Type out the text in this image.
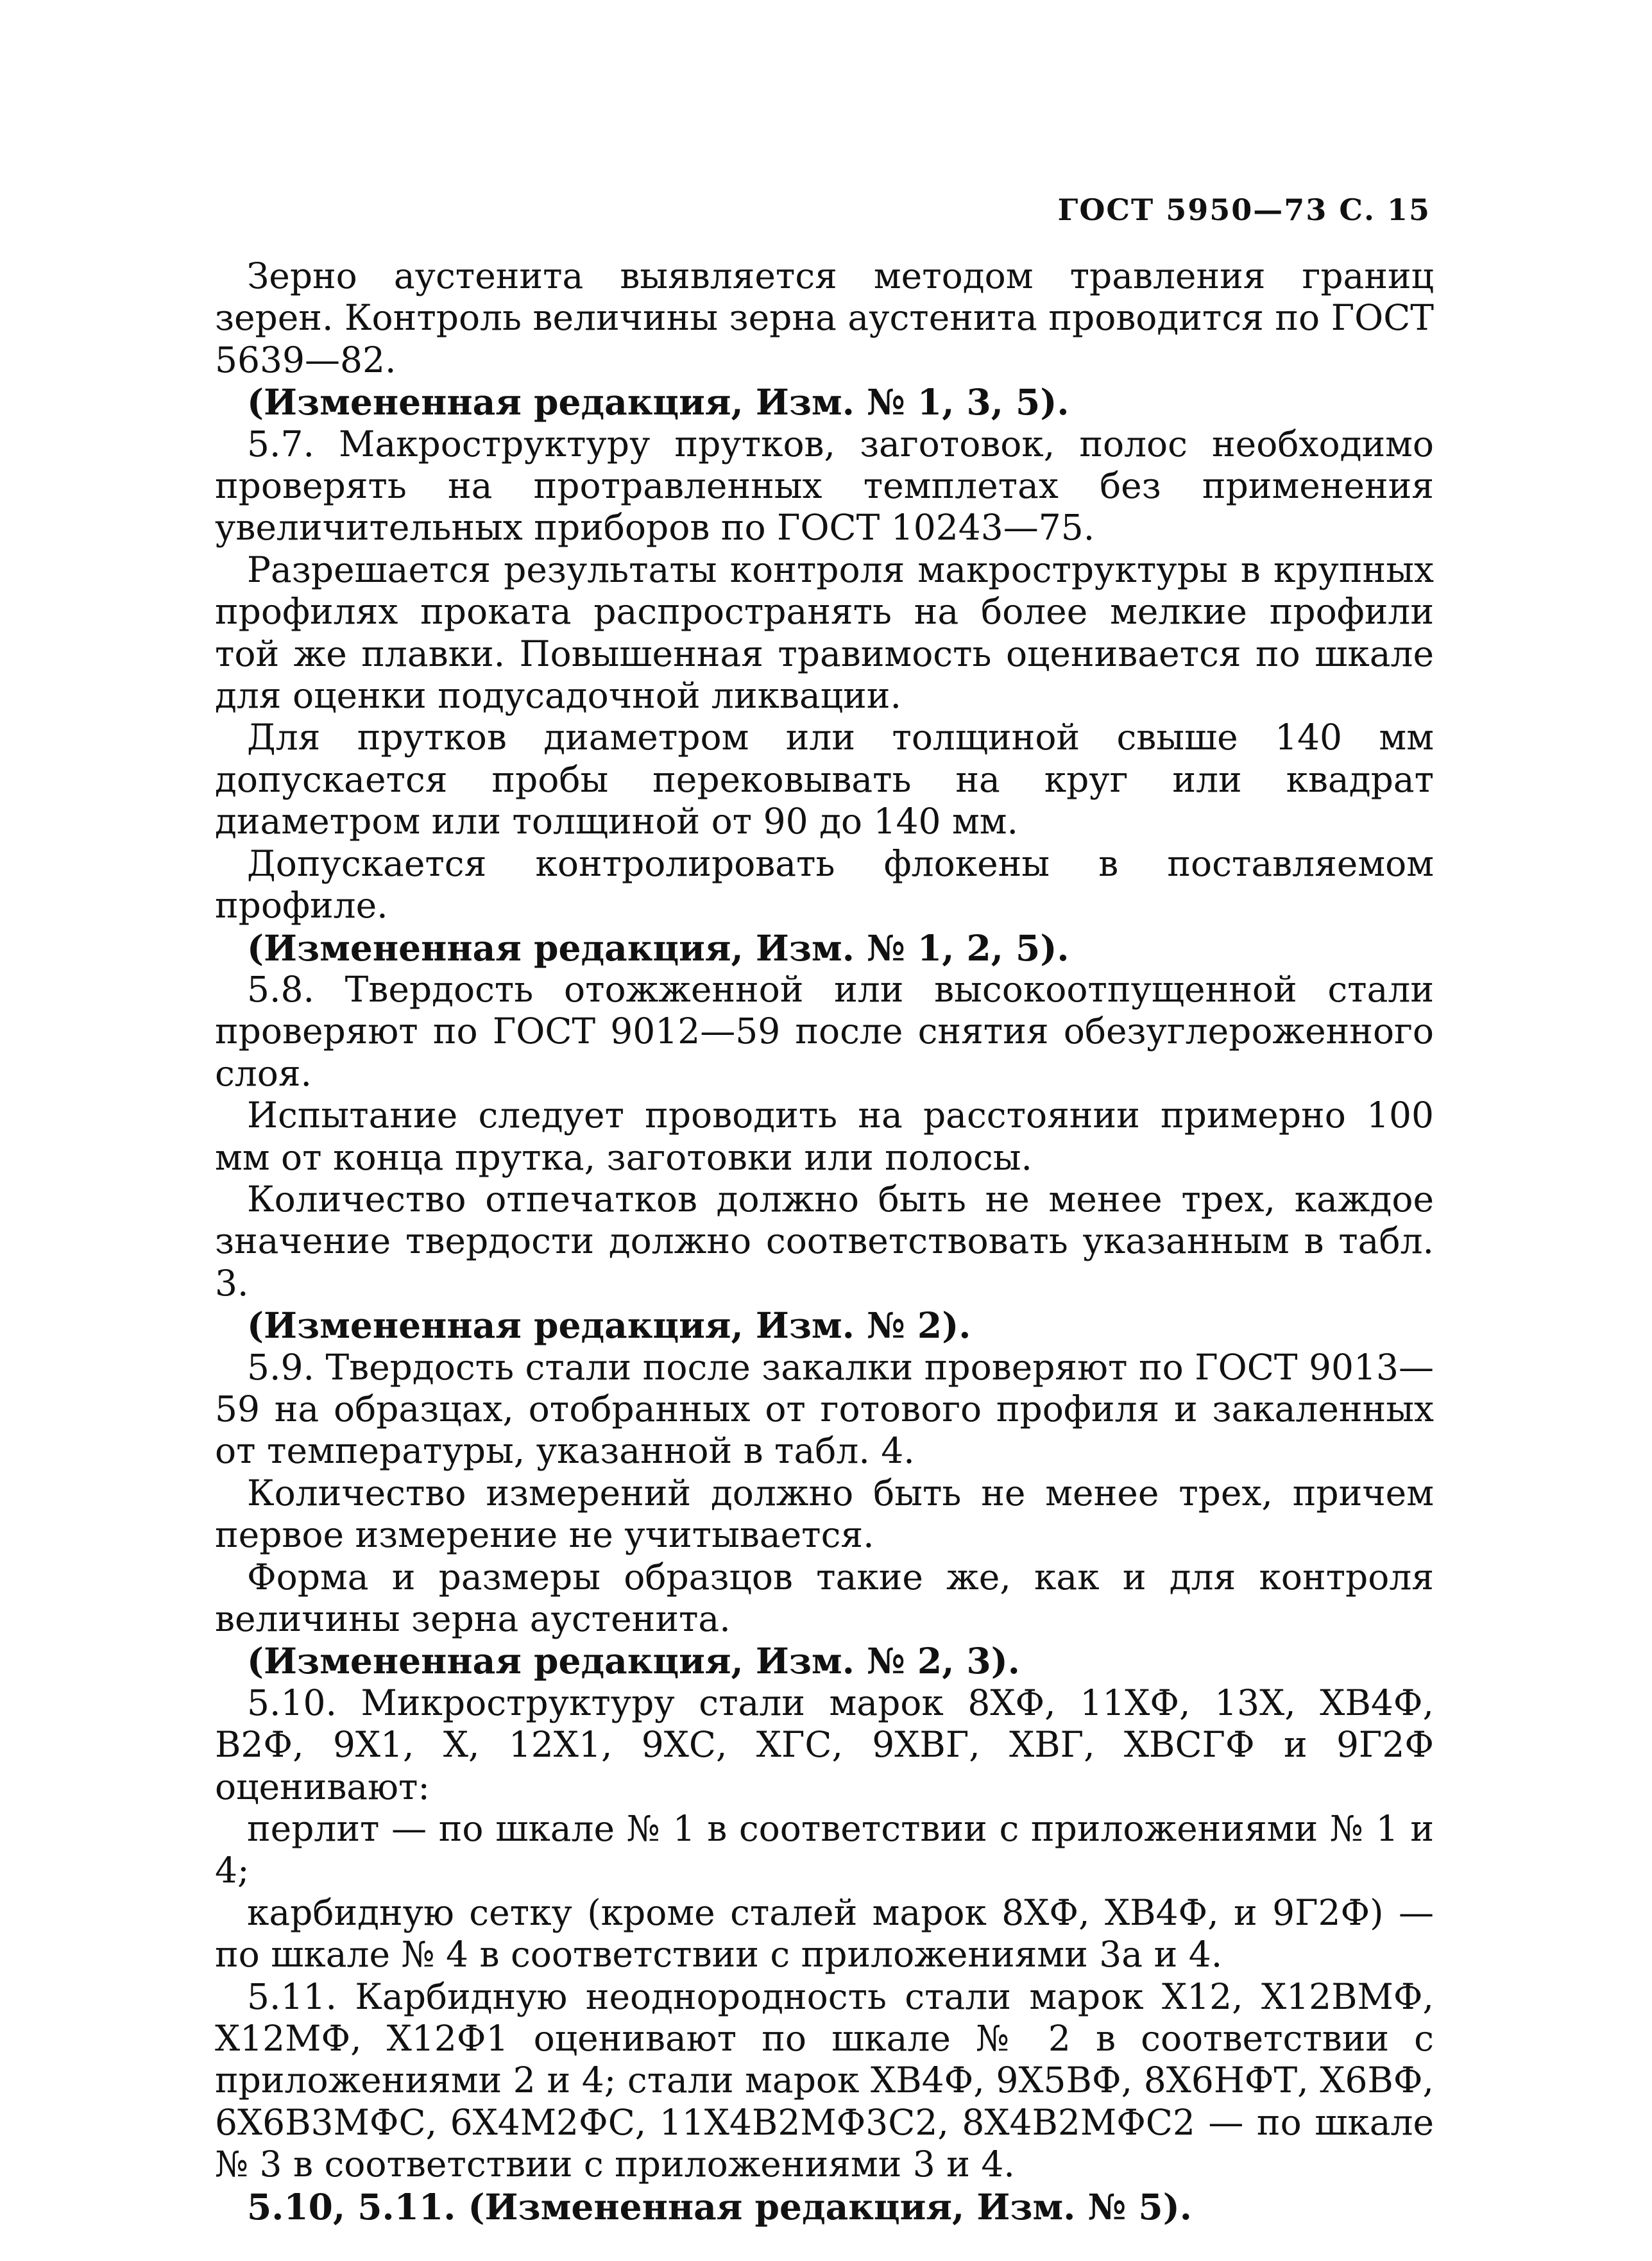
ГОСТ 5950—73 С. 15

Зерно аустенита выявляется методом травления границ зерен. Контроль величины зерна аустенита проводится по ГОСТ 5639—82.

(Измененная редакция, Изм. № 1, 3, 5).

5.7. Макроструктуру прутков, заготовок, полос необходимо проверять на протравленных темплетах без применения увеличительных приборов по ГОСТ 10243—75.

Разрешается результаты контроля макроструктуры в крупных профилях проката распространять на более мелкие профили той же плавки. Повышенная травимость оценивается по шкале для оценки подусадочной ликвации.

Для прутков диаметром или толщиной свыше 140 мм допускается пробы перековывать на круг или квадрат диаметром или толщиной от 90 до 140 мм.

Допускается контролировать флокены в поставляемом профиле.

(Измененная редакция, Изм. № 1, 2, 5).

5.8. Твердость отожженной или высокоотпущенной стали проверяют по ГОСТ 9012—59 после снятия обезуглероженного слоя.

Испытание следует проводить на расстоянии примерно 100 мм от конца прутка, заготовки или полосы.

Количество отпечатков должно быть не менее трех, каждое значение твердости должно соответствовать указанным в табл. 3.

(Измененная редакция, Изм. № 2).

5.9. Твердость стали после закалки проверяют по ГОСТ 9013—59 на образцах, отобранных от готового профиля и закаленных от температуры, указанной в табл. 4.

Количество измерений должно быть не менее трех, причем первое измерение не учитывается.

Форма и размеры образцов такие же, как и для контроля величины зерна аустенита.

(Измененная редакция, Изм. № 2, 3).

5.10. Микроструктуру стали марок 8ХФ, 11ХФ, 13Х, ХВ4Ф, В2Ф, 9Х1, Х, 12Х1, 9ХС, ХГС, 9ХВГ, ХВГ, ХВСГФ и 9Г2Ф оценивают:

перлит — по шкале № 1 в соответствии с приложениями № 1 и 4;

карбидную сетку (кроме сталей марок 8ХФ, ХВ4Ф, и 9Г2Ф) — по шкале № 4 в соответствии с приложениями 3а и 4.

5.11. Карбидную неоднородность стали марок Х12, Х12ВМФ, Х12МФ, Х12Ф1 оценивают по шкале № 2 в соответствии с приложениями 2 и 4; стали марок ХВ4Ф, 9Х5ВФ, 8Х6НФТ, Х6ВФ, 6Х6В3МФС, 6Х4М2ФС, 11Х4В2МФ3С2, 8Х4В2МФС2 — по шкале № 3 в соответствии с приложениями 3 и 4.

5.10, 5.11. (Измененная редакция, Изм. № 5).
